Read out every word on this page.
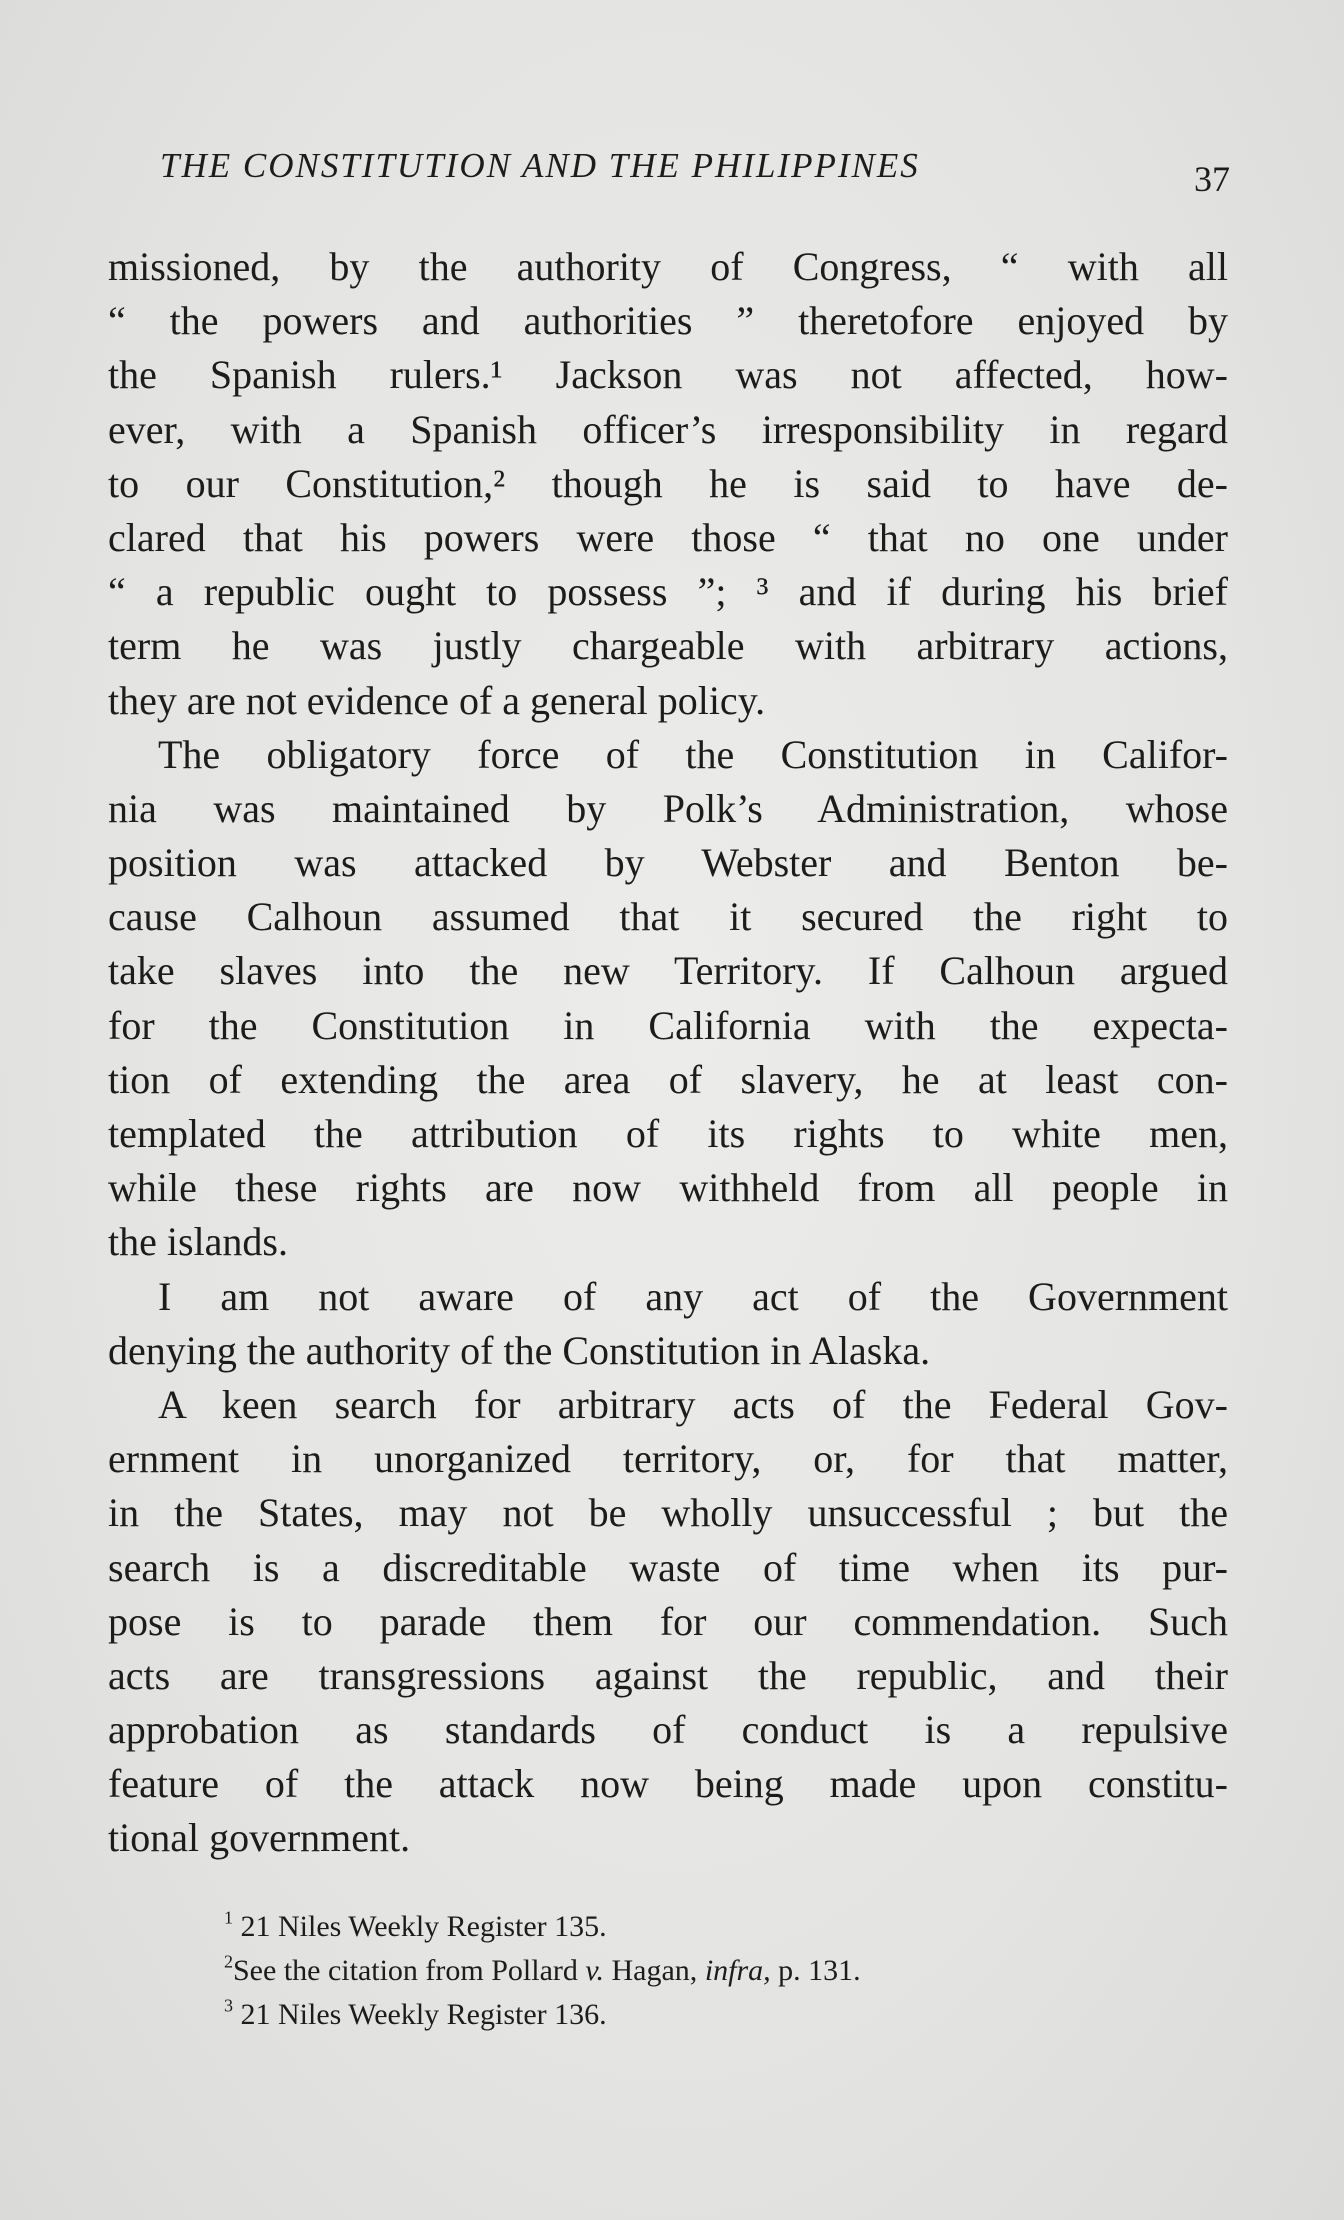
THE CONSTITUTION AND THE PHILIPPINES	37
missioned, by the authority of Congress, “ with all
“ the powers and authorities ” theretofore enjoyed by
the Spanish rulers.¹ Jackson was not affected, how-
ever, with a Spanish officer’s irresponsibility in regard
to our Constitution,² though he is said to have de-
clared that his powers were those “ that no one under
“ a republic ought to possess ”; ³ and if during his brief
term he was justly chargeable with arbitrary actions,
they are not evidence of a general policy.
The obligatory force of the Constitution in Califor-
nia was maintained by Polk’s Administration, whose
position was attacked by Webster and Benton be-
cause Calhoun assumed that it secured the right to
take slaves into the new Territory. If Calhoun argued
for the Constitution in California with the expecta-
tion of extending the area of slavery, he at least con-
templated the attribution of its rights to white men,
while these rights are now withheld from all people in
the islands.
I am not aware of any act of the Government
denying the authority of the Constitution in Alaska.
A keen search for arbitrary acts of the Federal Gov-
ernment in unorganized territory, or, for that matter,
in the States, may not be wholly unsuccessful ; but the
search is a discreditable waste of time when its pur-
pose is to parade them for our commendation. Such
acts are transgressions against the republic, and their
approbation as standards of conduct is a repulsive
feature of the attack now being made upon constitu-
tional government.
$^1$ 21 Niles Weekly Register 135.
$^2$See the citation from Pollard v. Hagan, infra, p. 131.
$^3$ 21 Niles Weekly Register 136.
